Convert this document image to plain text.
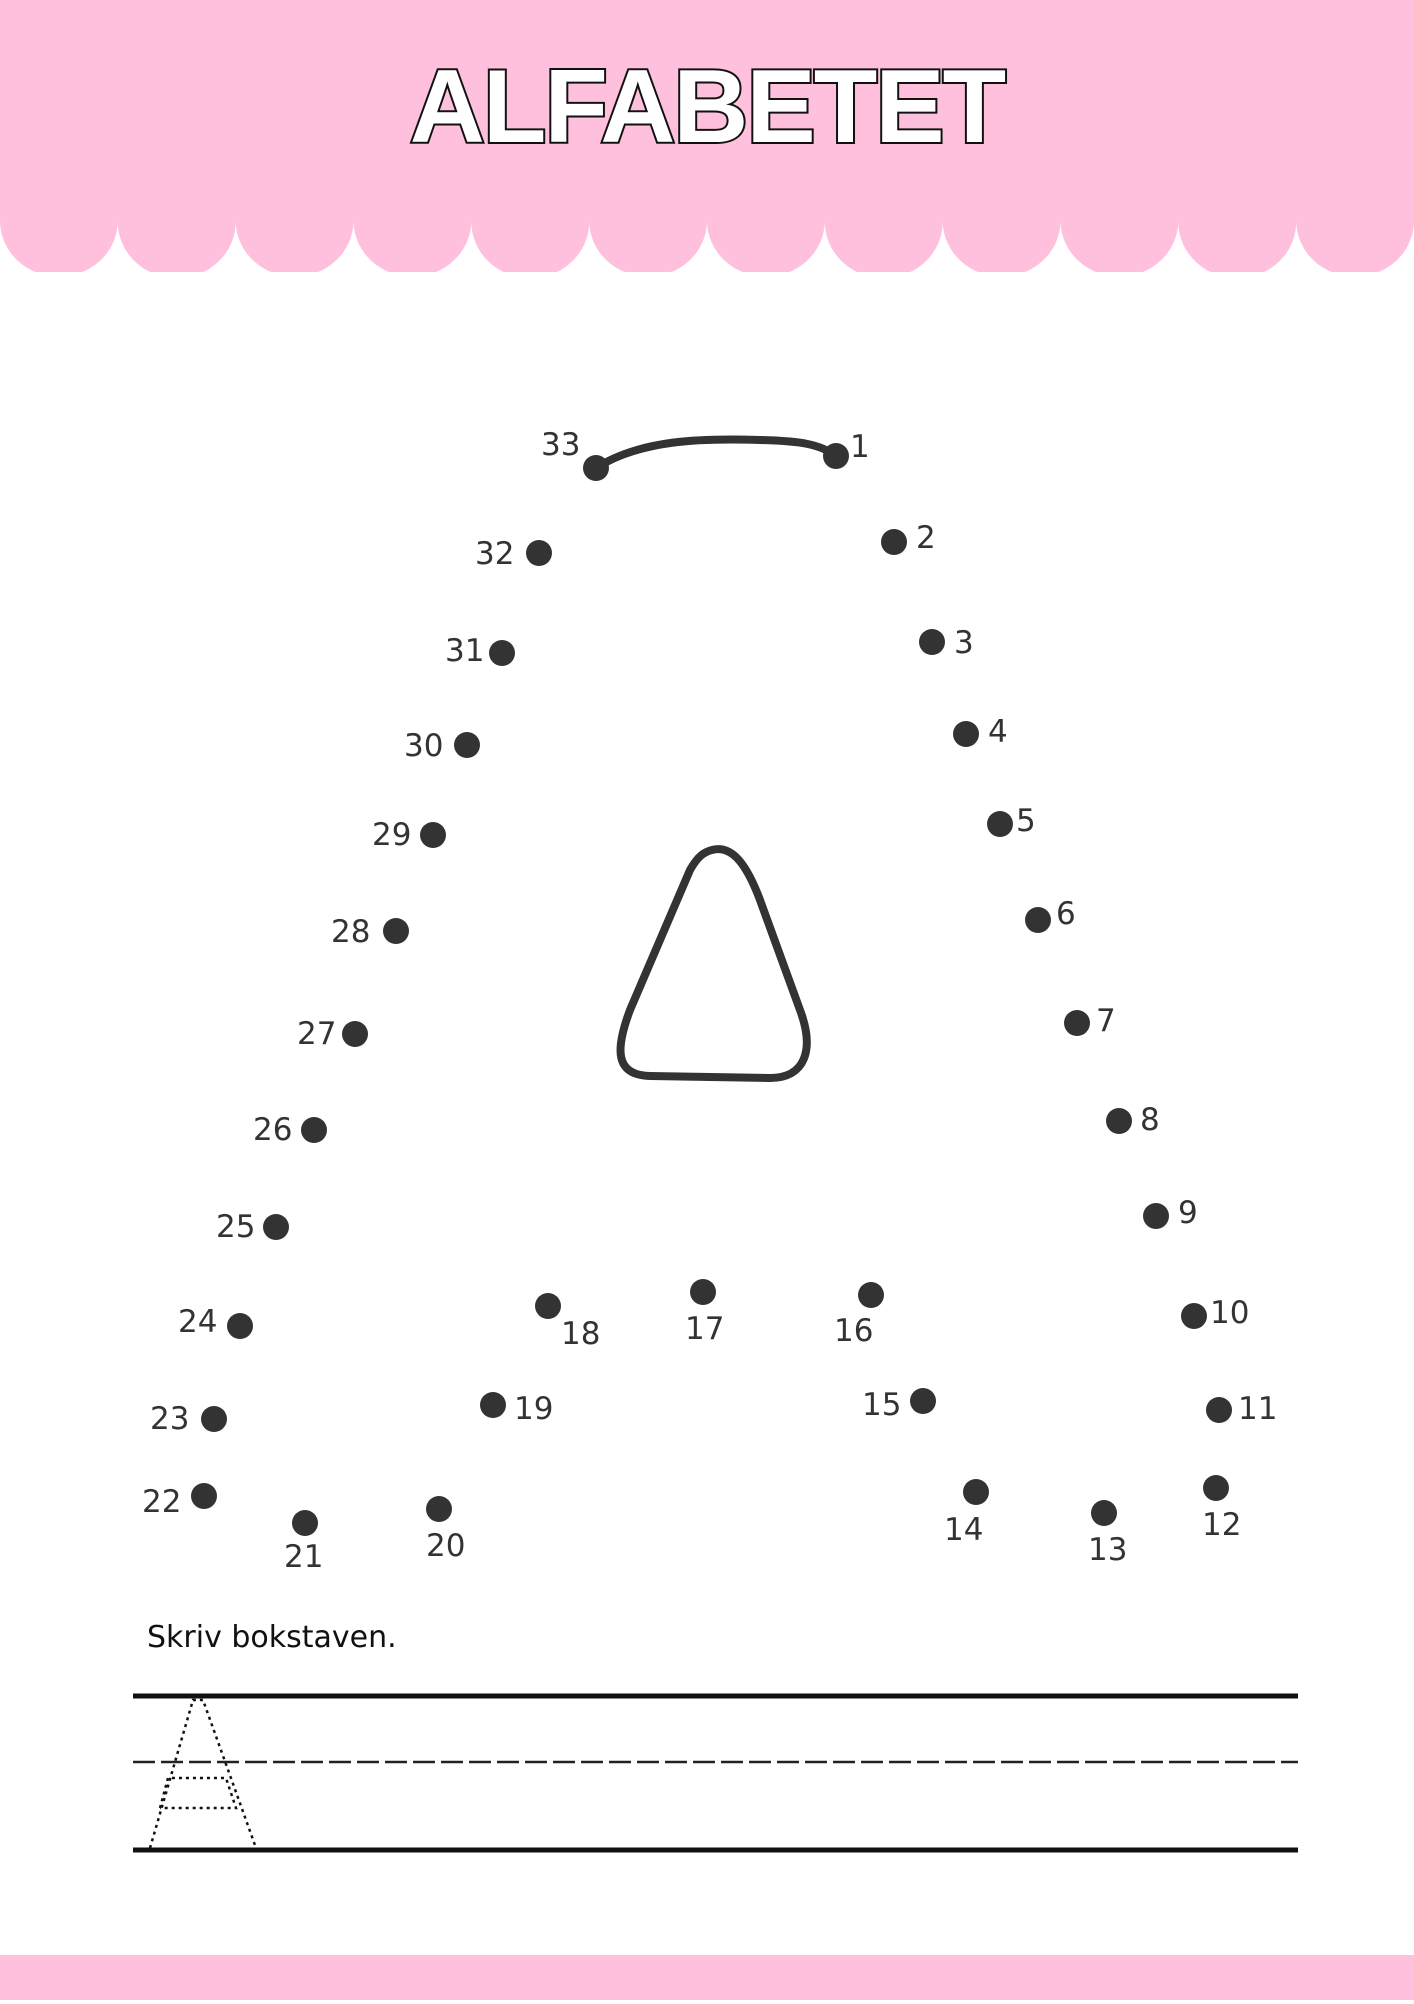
ALFABETET
1
2
3
4
5
6
7
8
9
10
11
12
13
14
15
16
17
18
19
20
21
22
23
24
25
26
27
28
29
30
31
32
33
Skriv bokstaven.
